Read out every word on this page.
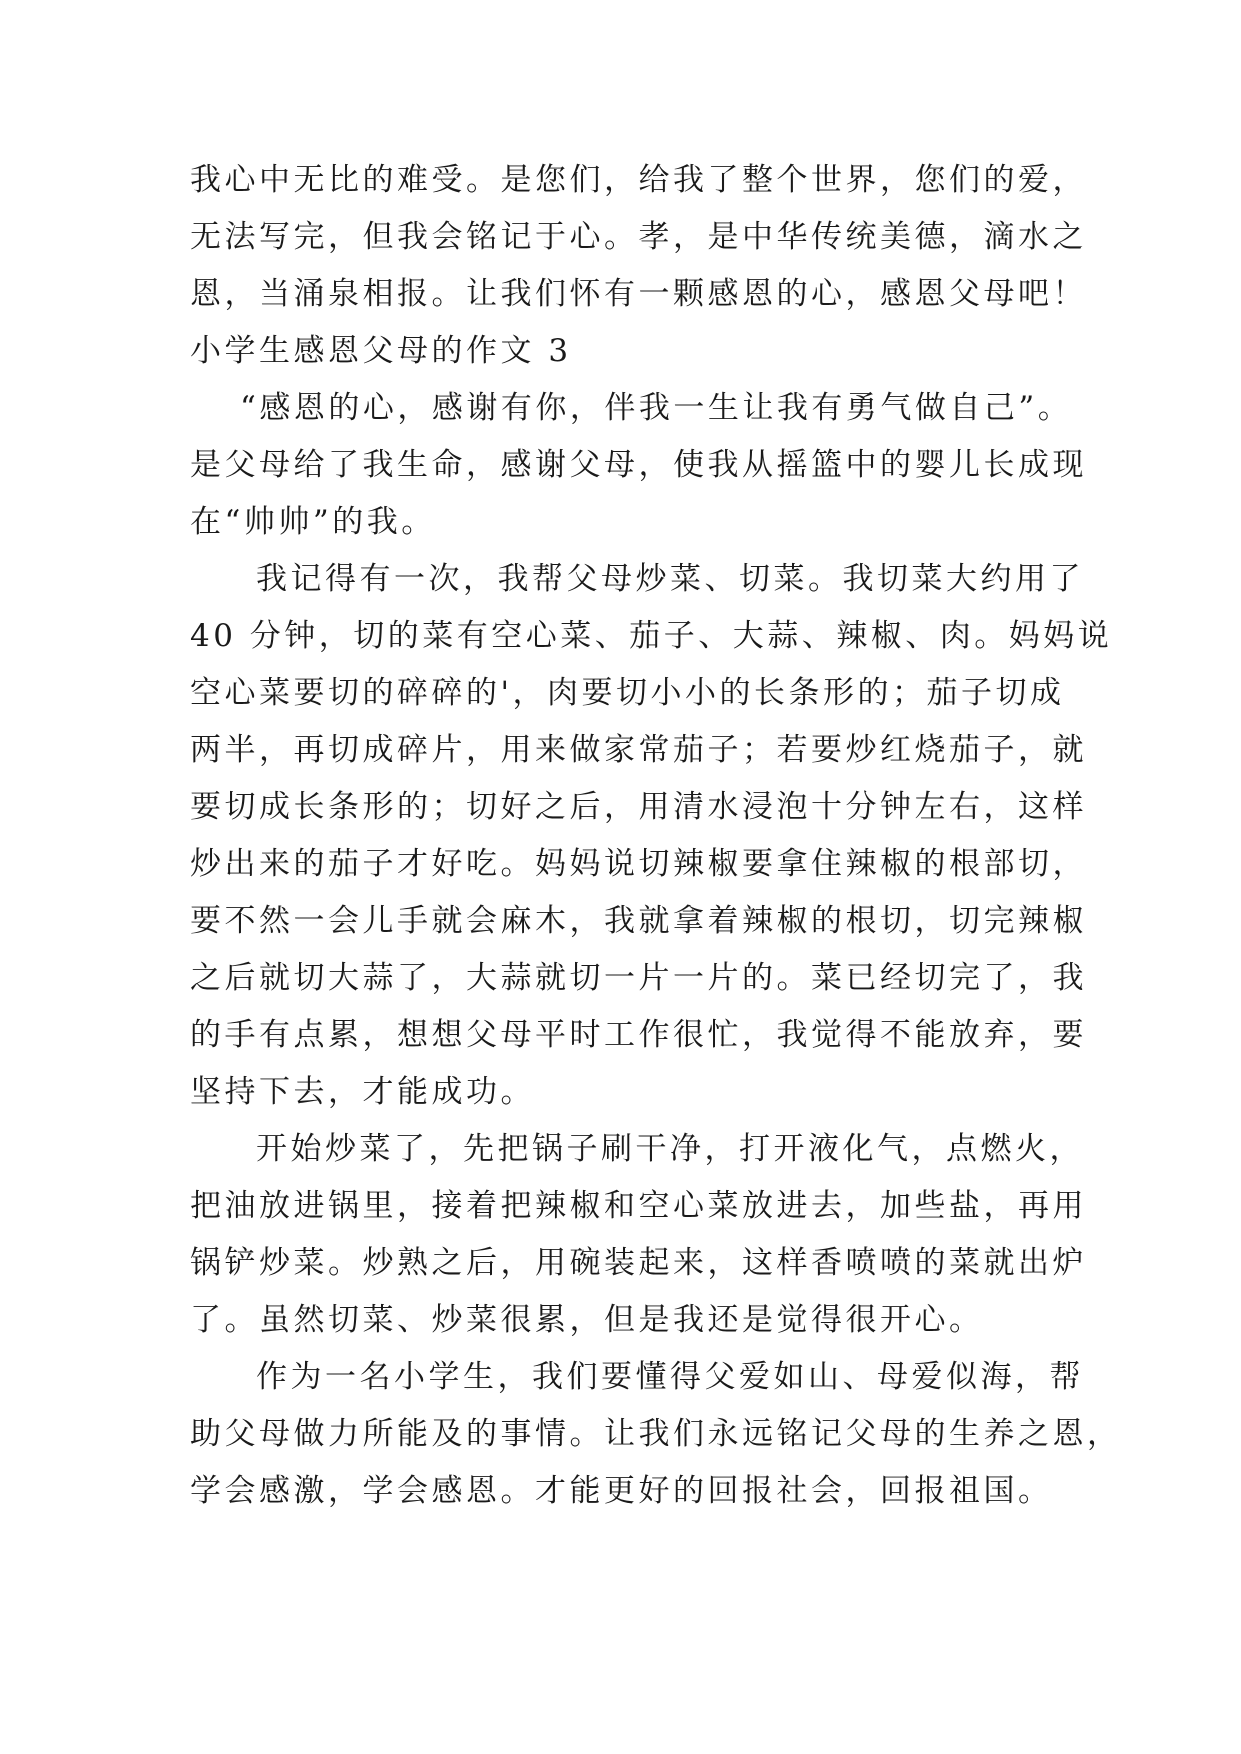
我心中无比的难受。是您们，给我了整个世界，您们的爱，
无法写完，但我会铭记于心。孝，是中华传统美德，滴水之
恩，当涌泉相报。让我们怀有一颗感恩的心，感恩父母吧！
小学生感恩父母的作文 3
“感恩的心，感谢有你，伴我一生让我有勇气做自己”。
是父母给了我生命，感谢父母，使我从摇篮中的婴儿长成现
在“帅帅”的我。
我记得有一次，我帮父母炒菜、切菜。我切菜大约用了
40 分钟，切的菜有空心菜、茄子、大蒜、辣椒、肉。妈妈说
空心菜要切的碎碎的'，肉要切小小的长条形的；茄子切成
两半，再切成碎片，用来做家常茄子；若要炒红烧茄子，就
要切成长条形的；切好之后，用清水浸泡十分钟左右，这样
炒出来的茄子才好吃。妈妈说切辣椒要拿住辣椒的根部切，
要不然一会儿手就会麻木，我就拿着辣椒的根切，切完辣椒
之后就切大蒜了，大蒜就切一片一片的。菜已经切完了，我
的手有点累，想想父母平时工作很忙，我觉得不能放弃，要
坚持下去，才能成功。
开始炒菜了，先把锅子刷干净，打开液化气，点燃火，
把油放进锅里，接着把辣椒和空心菜放进去，加些盐，再用
锅铲炒菜。炒熟之后，用碗装起来，这样香喷喷的菜就出炉
了。虽然切菜、炒菜很累，但是我还是觉得很开心。
作为一名小学生，我们要懂得父爱如山、母爱似海，帮
助父母做力所能及的事情。让我们永远铭记父母的生养之恩，
学会感激，学会感恩。才能更好的回报社会，回报祖国。
